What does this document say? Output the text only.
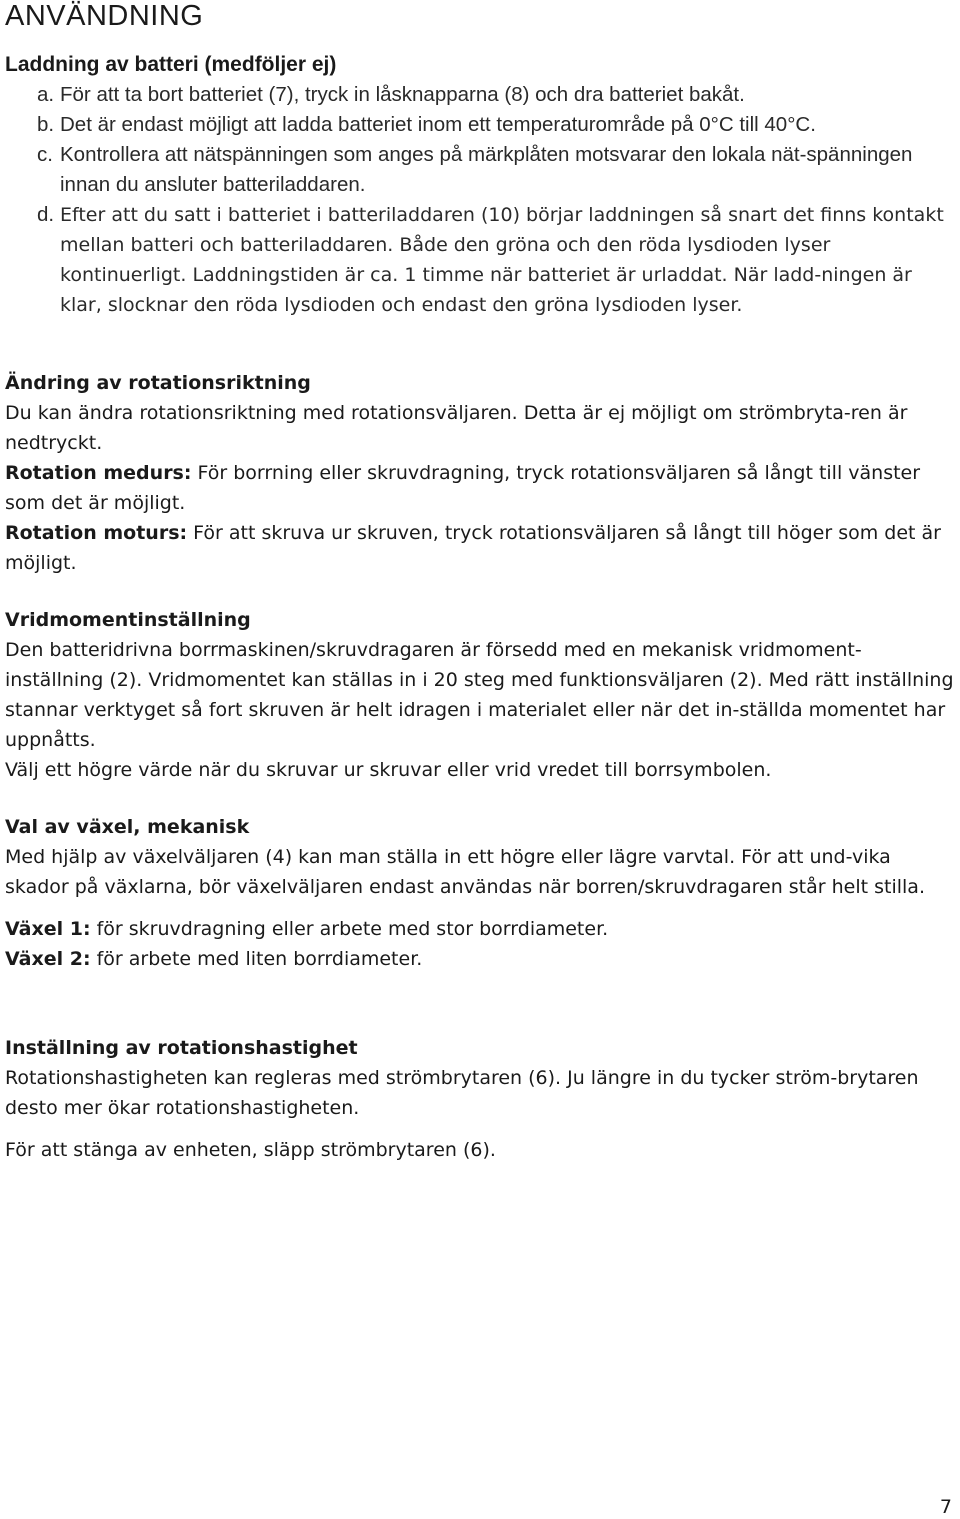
ANVÄNDNING
Laddning av batteri (medföljer ej)
a. För att ta bort batteriet (7), tryck in låsknapparna (8) och dra batteriet bakåt.
b. Det är endast möjligt att ladda batteriet inom ett temperaturområde på 0°C till 40°C.
c. Kontrollera att nätspänningen som anges på märkplåten motsvarar den lokala nät-spänningen innan du ansluter batteriladdaren.
d. Efter att du satt i batteriet i batteriladdaren (10) börjar laddningen så snart det finns kontakt mellan batteri och batteriladdaren. Både den gröna och den röda lysdioden lyser kontinuerligt. Laddningstiden är ca. 1 timme när batteriet är urladdat. När ladd-ningen är klar, slocknar den röda lysdioden och endast den gröna lysdioden lyser.
Ändring av rotationsriktning

Du kan ändra rotationsriktning med rotationsväljaren. Detta är ej möjligt om strömbryta-ren är nedtryckt.

Rotation medurs: För borrning eller skruvdragning, tryck rotationsväljaren så långt till vänster som det är möjligt.

Rotation moturs: För att skruva ur skruven, tryck rotationsväljaren så långt till höger som det är möjligt.

Vridmomentinställning

Den batteridrivna borrmaskinen/skruvdragaren är försedd med en mekanisk vridmoment-inställning (2). Vridmomentet kan ställas in i 20 steg med funktionsväljaren (2). Med rätt inställning stannar verktyget så fort skruven är helt idragen i materialet eller när det in-ställda momentet har uppnåtts.

Välj ett högre värde när du skruvar ur skruvar eller vrid vredet till borrsymbolen.

Val av växel, mekanisk

Med hjälp av växelväljaren (4) kan man ställa in ett högre eller lägre varvtal. För att und-vika skador på växlarna, bör växelväljaren endast användas när borren/skruvdragaren står helt stilla.

Växel 1: för skruvdragning eller arbete med stor borrdiameter.

Växel 2: för arbete med liten borrdiameter.

Inställning av rotationshastighet

Rotationshastigheten kan regleras med strömbrytaren (6). Ju längre in du tycker ström-brytaren desto mer ökar rotationshastigheten.

För att stänga av enheten, släpp strömbrytaren (6).

7
